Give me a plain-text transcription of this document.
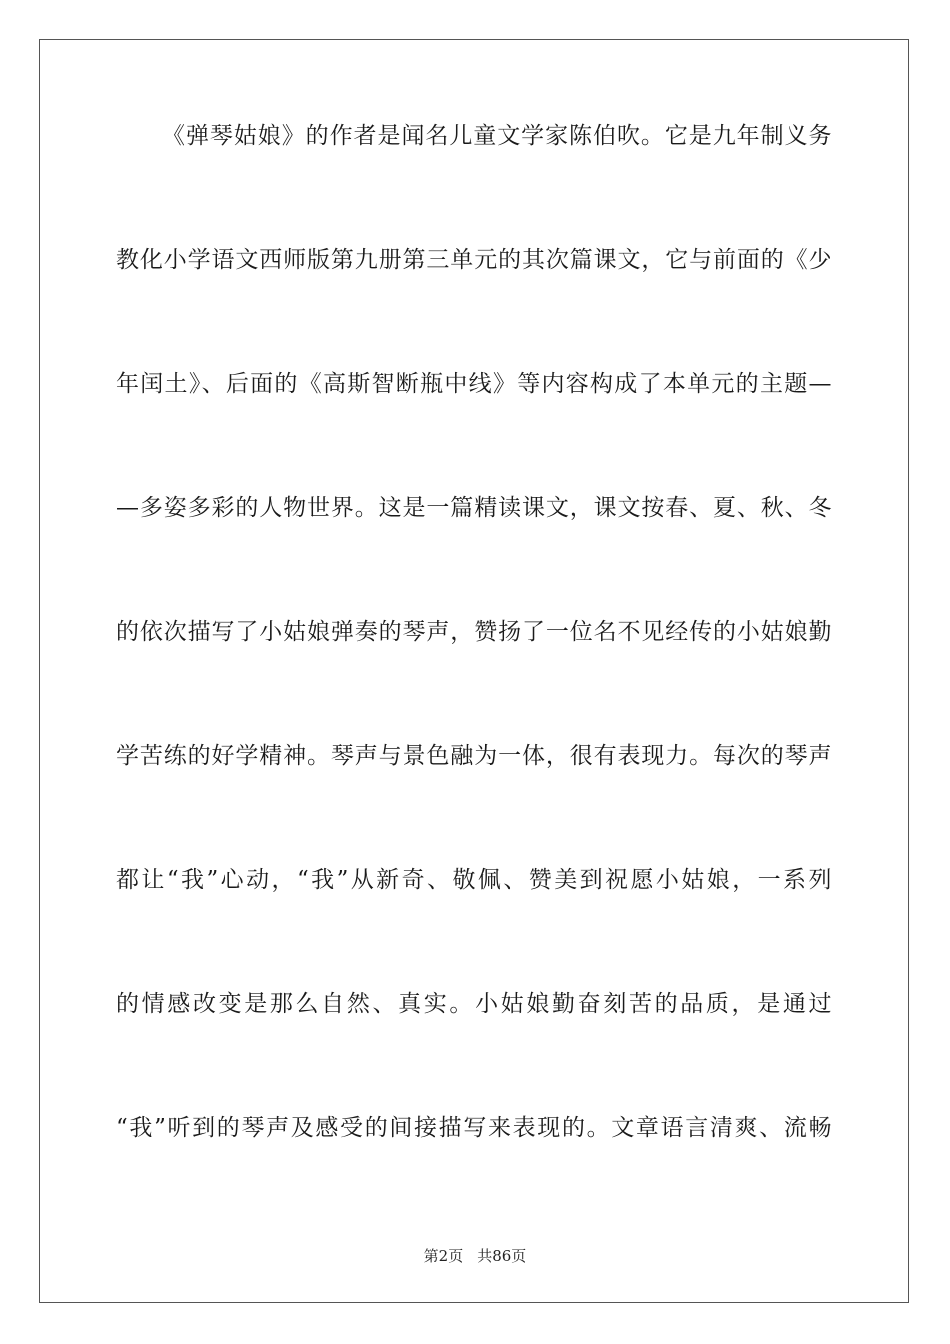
《弹琴姑娘》的作者是闻名儿童文学家陈伯吹。它是九年制义务
教化小学语文西师版第九册第三单元的其次篇课文，它与前面的《少
年闰土》、后面的《高斯智断瓶中线》等内容构成了本单元的主题—
—多姿多彩的人物世界。这是一篇精读课文，课文按春、夏、秋、冬
的依次描写了小姑娘弹奏的琴声，赞扬了一位名不见经传的小姑娘勤
学苦练的好学精神。琴声与景色融为一体，很有表现力。每次的琴声
都让“我”心动，“我”从新奇、敬佩、赞美到祝愿小姑娘，一系列
的情感改变是那么自然、真实。小姑娘勤奋刻苦的品质，是通过
“我”听到的琴声及感受的间接描写来表现的。文章语言清爽、流畅
第2页 共86页
